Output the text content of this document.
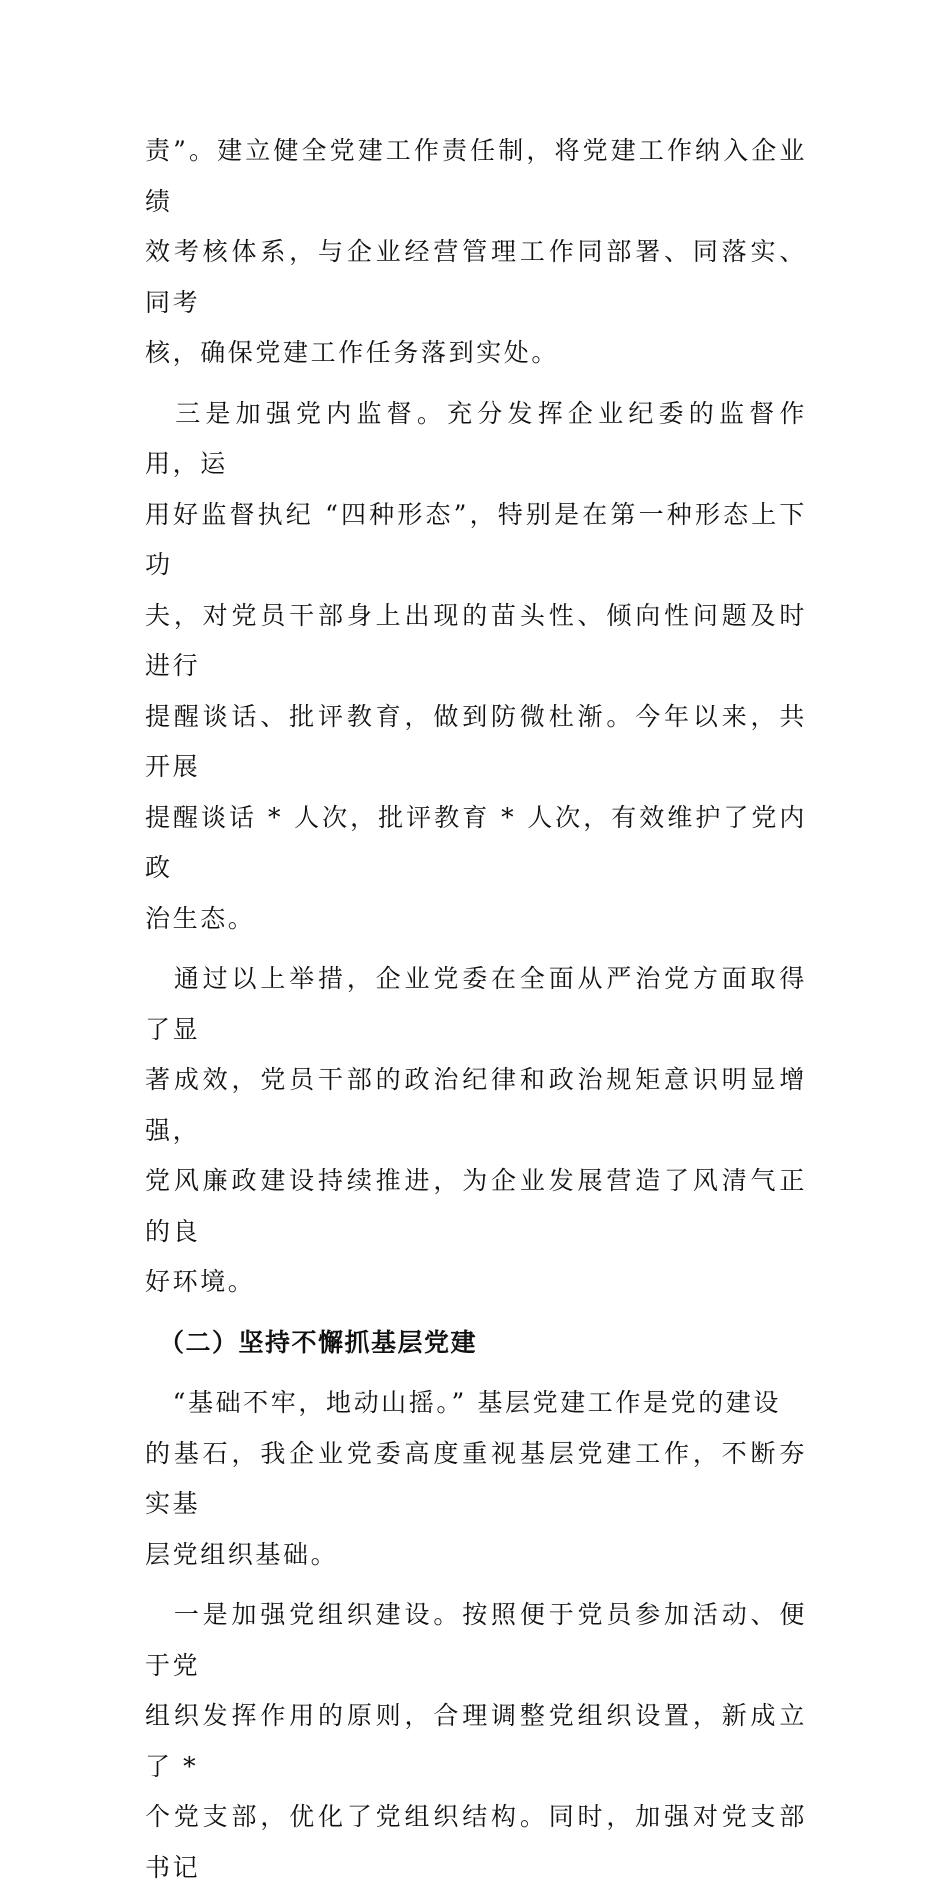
责”。建立健全党建工作责任制，将党建工作纳入企业绩
效考核体系，与企业经营管理工作同部署、同落实、同考
核，确保党建工作任务落到实处。

　三是加强党内监督。充分发挥企业纪委的监督作用，运
用好监督执纪 “四种形态”，特别是在第一种形态上下功
夫，对党员干部身上出现的苗头性、倾向性问题及时进行
提醒谈话、批评教育，做到防微杜渐。今年以来，共开展
提醒谈话 * 人次，批评教育 * 人次，有效维护了党内政
治生态。

　通过以上举措，企业党委在全面从严治党方面取得了显
著成效，党员干部的政治纪律和政治规矩意识明显增强，
党风廉政建设持续推进，为企业发展营造了风清气正的良
好环境。

　（二）坚持不懈抓基层党建

　“基础不牢，地动山摇。” 基层党建工作是党的建设
的基石，我企业党委高度重视基层党建工作，不断夯实基
层党组织基础。

　一是加强党组织建设。按照便于党员参加活动、便于党
组织发挥作用的原则，合理调整党组织设置，新成立了 *
个党支部，优化了党组织结构。同时，加强对党支部书记
